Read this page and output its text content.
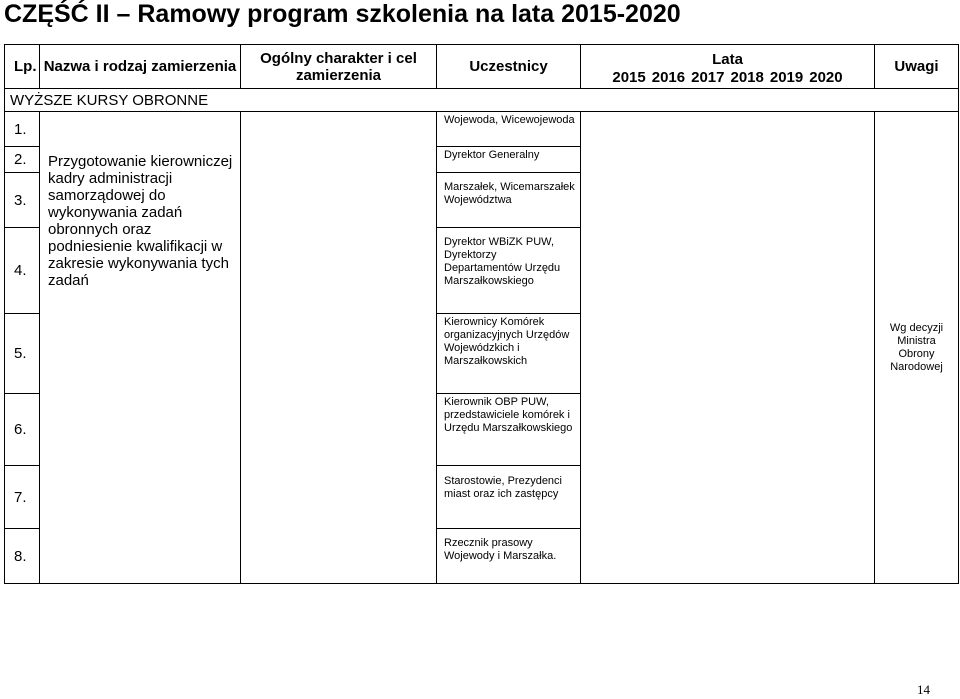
CZĘŚĆ II – Ramowy program szkolenia na lata 2015-2020
Lp.	Nazwa i rodzaj zamierzenia	Ogólny charakter i cel zamierzenia	Uczestnicy	Lata	Uwagi
				2015 2016 2017 2018 2019 2020	
WYŻSZE KURSY OBRONNE					
1.	Przygotowanie kierowniczej kadry administracji samorządowej do wykonywania zadań obronnych oraz podniesienie kwalifikacji w zakresie wykonywania tych zadań		Wojewoda, Wicewojewoda		Wg decyzji Ministra Obrony Narodowej
2.			Dyrektor Generalny		
3.			Marszałek, Wicemarszałek Województwa		
4.			Dyrektor WBiZK PUW, Dyrektorzy Departamentów Urzędu Marszałkowskiego		
5.			Kierownicy Komórek organizacyjnych Urzędów Wojewódzkich i Marszałkowskich		
6.			Kierownik OBP PUW, przedstawiciele komórek i Urzędu Marszałkowskiego		
7.			Starostowie, Prezydenci miast oraz ich zastępcy		
8.			Rzecznik prasowy Wojewody i Marszałka.		
14
